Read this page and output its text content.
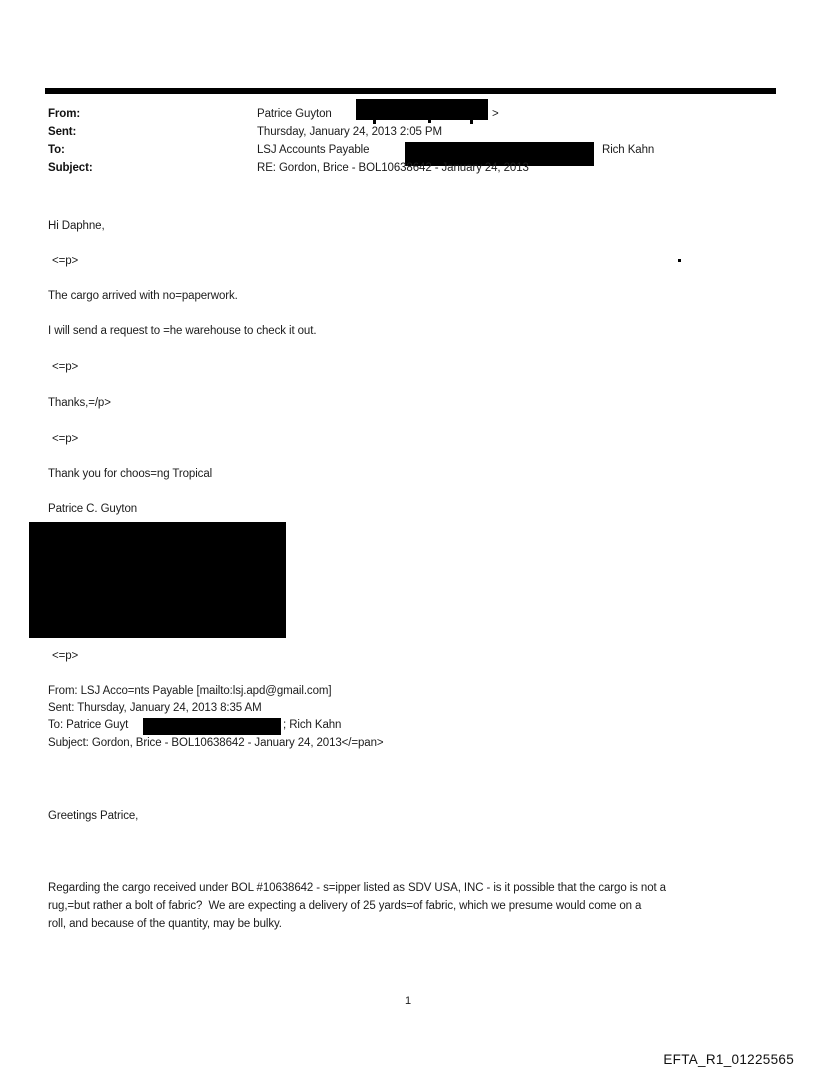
From:	Patrice Guyton	>
Sent:	Thursday, January 24, 2013 2:05 PM
To:	LSJ Accounts Payable	Rich Kahn
Subject:	RE: Gordon, Brice - BOL10638642 - January 24, 2013
Hi Daphne,
<=p>
The cargo arrived with no=paperwork.
I will send a request to =he warehouse to check it out.
<=p>
Thanks,=/p>
<=p>
Thank you for choos=ng Tropical
Patrice C. Guyton
<=p>
From: LSJ Acco=nts Payable [mailto:lsj.apd@gmail.com]
Sent: Thursday, January 24, 2013 8:35 AM
To: Patrice Guyt	; Rich Kahn
Subject: Gordon, Brice - BOL10638642 - January 24, 2013</=pan>
Greetings Patrice,
Regarding the cargo received under BOL #10638642 - s=ipper listed as SDV USA, INC - is it possible that the cargo is not a
rug,=but rather a bolt of fabric?  We are expecting a delivery of 25 yards=of fabric, which we presume would come on a
roll, and because of the quantity, may be bulky.
1
EFTA_R1_01225565
